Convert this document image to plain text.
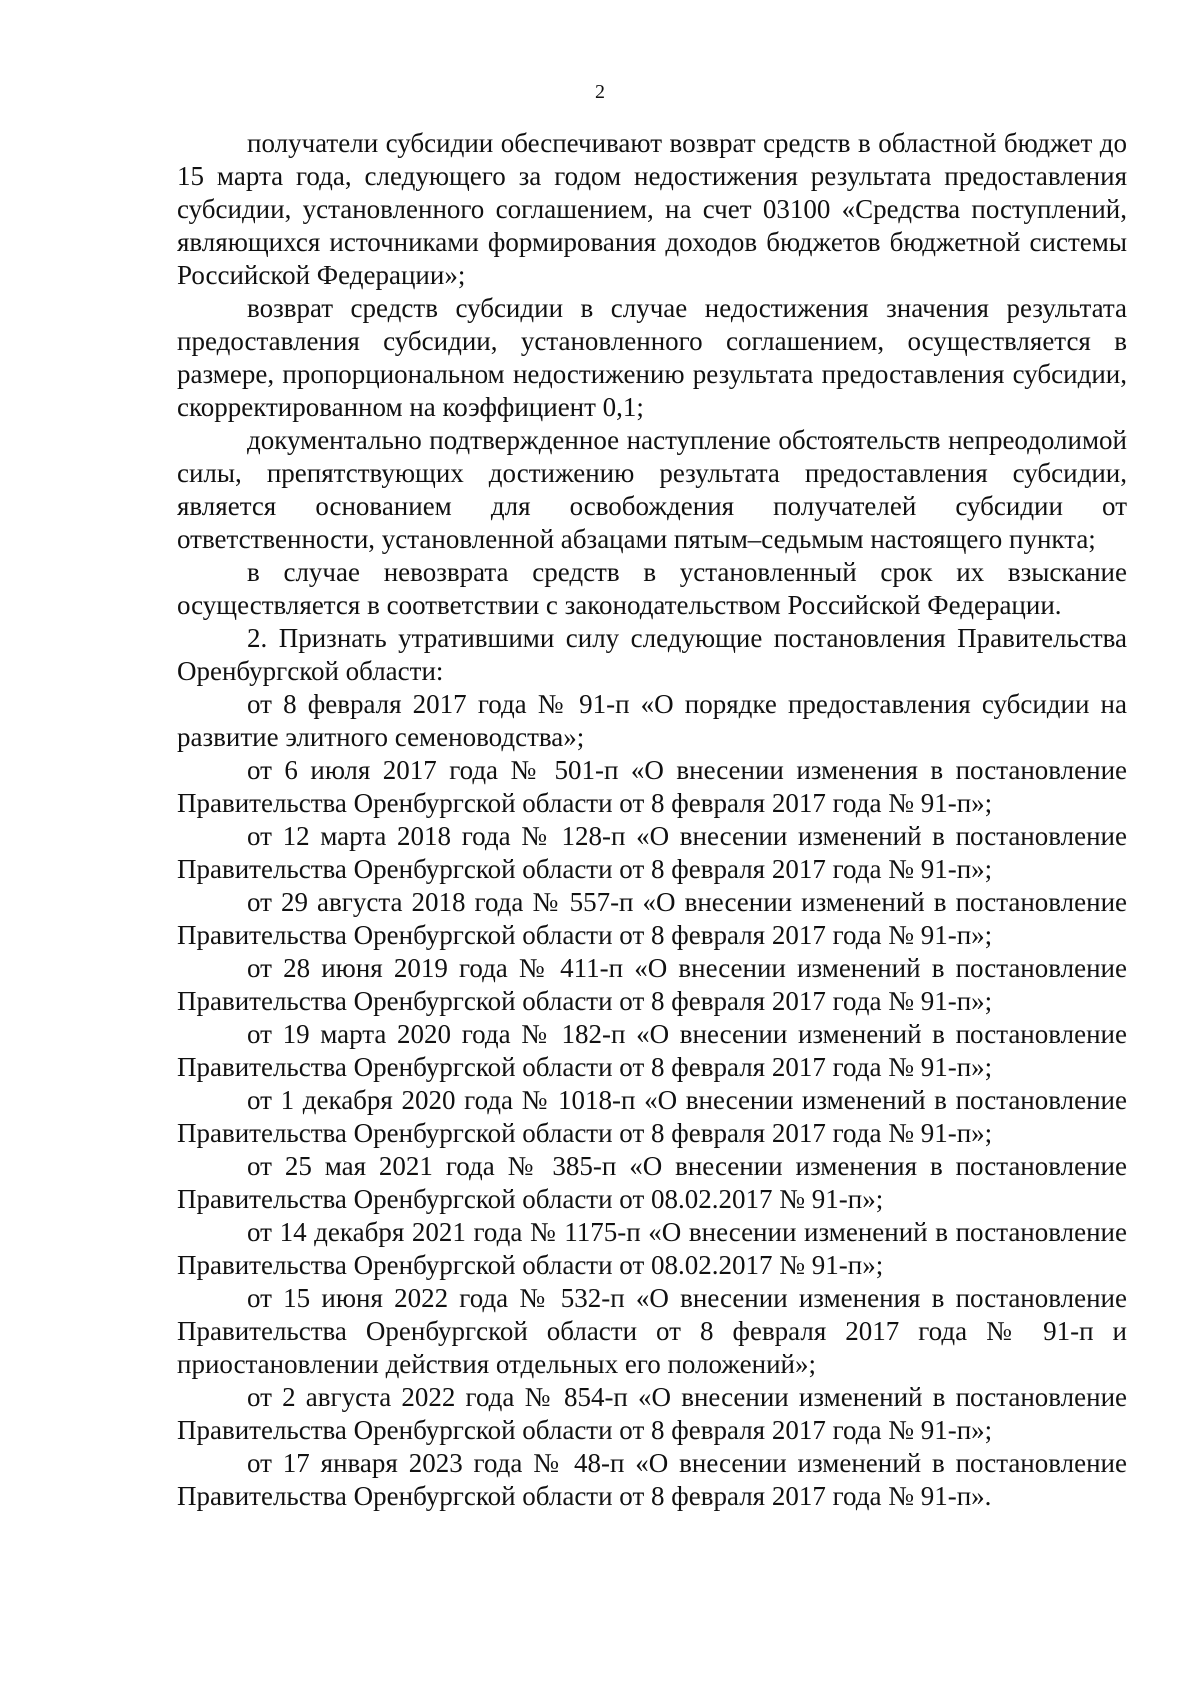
2

получатели субсидии обеспечивают возврат средств в областной бюджет до 15 марта года, следующего за годом недостижения результата предоставления субсидии, установленного соглашением, на счет 03100 «Средства поступлений, являющихся источниками формирования доходов бюджетов бюджетной системы Российской Федерации»;

возврат средств субсидии в случае недостижения значения результата предоставления субсидии, установленного соглашением, осуществляется в размере, пропорциональном недостижению результата предоставления субсидии, скорректированном на коэффициент 0,1;

документально подтвержденное наступление обстоятельств непреодолимой силы, препятствующих достижению результата предоставления субсидии, является основанием для освобождения получателей субсидии от ответственности, установленной абзацами пятым–седьмым настоящего пункта;

в случае невозврата средств в установленный срок их взыскание осуществляется в соответствии с законодательством Российской Федерации.

2. Признать утратившими силу следующие постановления Правительства Оренбургской области:

от 8 февраля 2017 года № 91-п «О порядке предоставления субсидии на развитие элитного семеноводства»;

от 6 июля 2017 года № 501-п «О внесении изменения в постановление Правительства Оренбургской области от 8 февраля 2017 года № 91-п»;

от 12 марта 2018 года № 128-п «О внесении изменений в постановление Правительства Оренбургской области от 8 февраля 2017 года № 91-п»;

от 29 августа 2018 года № 557-п «О внесении изменений в постановление Правительства Оренбургской области от 8 февраля 2017 года № 91-п»;

от 28 июня 2019 года № 411-п «О внесении изменений в постановление Правительства Оренбургской области от 8 февраля 2017 года № 91-п»;

от 19 марта 2020 года № 182-п «О внесении изменений в постановление Правительства Оренбургской области от 8 февраля 2017 года № 91-п»;

от 1 декабря 2020 года № 1018-п «О внесении изменений в постановление Правительства Оренбургской области от 8 февраля 2017 года № 91-п»;

от 25 мая 2021 года № 385-п «О внесении изменения в постановление Правительства Оренбургской области от 08.02.2017 № 91-п»;

от 14 декабря 2021 года № 1175-п «О внесении изменений в постановление Правительства Оренбургской области от 08.02.2017 № 91-п»;

от 15 июня 2022 года № 532-п «О внесении изменения в постановление Правительства Оренбургской области от 8 февраля 2017 года № 91-п и приостановлении действия отдельных его положений»;

от 2 августа 2022 года № 854-п «О внесении изменений в постановление Правительства Оренбургской области от 8 февраля 2017 года № 91-п»;

от 17 января 2023 года № 48-п «О внесении изменений в постановление Правительства Оренбургской области от 8 февраля 2017 года № 91-п».
